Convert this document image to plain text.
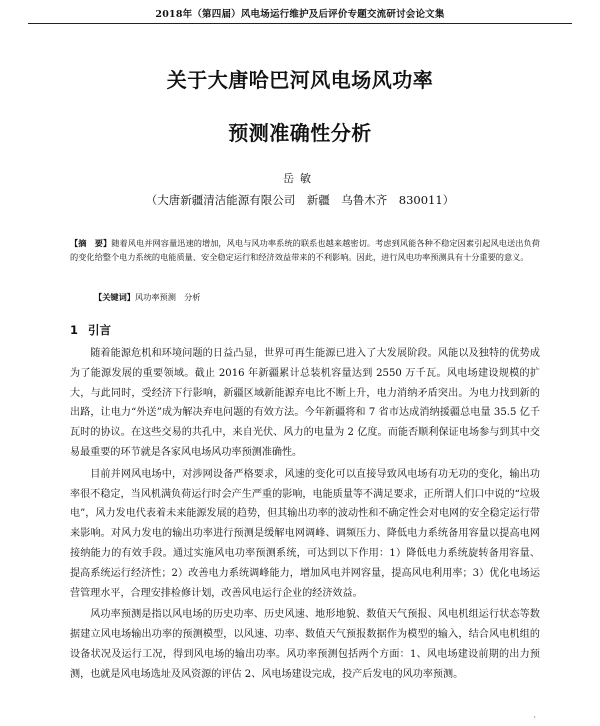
2018年（第四届）风电场运行维护及后评价专题交流研讨会论文集
关于大唐哈巴河风电场风功率
预测准确性分析
岳敏
（大唐新疆清洁能源有限公司　新疆　乌鲁木齐　830011）
【摘　要】随着风电并网容量迅速的增加，风电与风功率系统的联系也越来越密切。考虑到风能各种不稳定因素引起风电送出负荷的变化给整个电力系统的电能质量、安全稳定运行和经济效益带来的不利影响。因此，进行风电功率预测具有十分重要的意义。
【关键词】风功率预测　分析
1 引言

随着能源危机和环境问题的日益凸显，世界可再生能源已进入了大发展阶段。风能以及独特的优势成为了能源发展的重要领域。截止 2016 年新疆累计总装机容量达到 2550 万千瓦。风电场建设规模的扩大，与此同时，受经济下行影响，新疆区域新能源弃电比不断上升，电力消纳矛盾突出。为电力找到新的出路，让电力“外送”成为解决弃电问题的有效方法。今年新疆将和 7 省市达成消纳援疆总电量 35.5 亿千瓦时的协议。在这些交易的共孔中，来自光伏、风力的电量为 2 亿度。而能否顺利保证电场参与到其中交易最重要的环节就是各家风电场风功率预测准确性。

目前并网风电场中，对涉网设备严格要求，风速的变化可以直接导致风电场有功无功的变化，输出功率很不稳定，当风机满负荷运行时会产生严重的影响，电能质量等不满足要求，正所谓人们口中说的“垃圾电”，风力发电代表着未来能源发展的趋势，但其输出功率的波动性和不确定性会对电网的安全稳定运行带来影响。对风力发电的输出功率进行预测是缓解电网调峰、调频压力、降低电力系统备用容量以提高电网接纳能力的有效手段。通过实施风电功率预测系统，可达到以下作用：1）降低电力系统旋转备用容量、提高系统运行经济性；2）改善电力系统调峰能力，增加风电并网容量，提高风电利用率；3）优化电场运营管理水平，合理安排检修计划，改善风电运行企业的经济效益。

风功率预测是指以风电场的历史功率、历史风速、地形地貌、数值天气预报、风电机组运行状态等数据建立风电场输出功率的预测模型，以风速、功率、数值天气预报数据作为模型的输入，结合风电机组的设备状况及运行工况，得到风电场的输出功率。风功率预测包括两个方面：1、风电场建设前期的出力预测，也就是风电场选址及风资源的评估 2、风电场建设完成，投产后发电的风功率预测。

·
